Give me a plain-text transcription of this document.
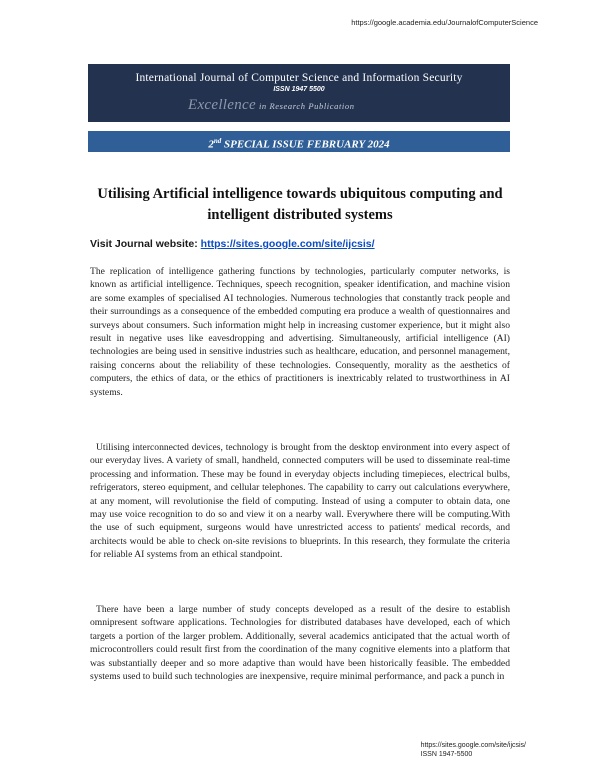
https://google.academia.edu/JournalofComputerScience
International Journal of Computer Science and Information Security
ISSN 1947 5500
Excellence in Research Publication
2nd SPECIAL ISSUE FEBRUARY 2024
Utilising Artificial intelligence towards ubiquitous computing and intelligent distributed systems
Visit Journal website: https://sites.google.com/site/ijcsis/
The replication of intelligence gathering functions by technologies, particularly computer networks, is known as artificial intelligence. Techniques, speech recognition, speaker identification, and machine vision are some examples of specialised AI technologies. Numerous technologies that constantly track people and their surroundings as a consequence of the embedded computing era produce a wealth of questionnaires and surveys about consumers. Such information might help in increasing customer experience, but it might also result in negative uses like eavesdropping and advertising. Simultaneously, artificial intelligence (AI) technologies are being used in sensitive industries such as healthcare, education, and personnel management, raising concerns about the reliability of these technologies. Consequently, morality as the aesthetics of computers, the ethics of data, or the ethics of practitioners is inextricably related to trustworthiness in AI systems.
Utilising interconnected devices, technology is brought from the desktop environment into every aspect of our everyday lives. A variety of small, handheld, connected computers will be used to disseminate real-time processing and information. These may be found in everyday objects including timepieces, electrical bulbs, refrigerators, stereo equipment, and cellular telephones. The capability to carry out calculations everywhere, at any moment, will revolutionise the field of computing. Instead of using a computer to obtain data, one may use voice recognition to do so and view it on a nearby wall. Everywhere there will be computing.With the use of such equipment, surgeons would have unrestricted access to patients' medical records, and architects would be able to check on-site revisions to blueprints. In this research, they formulate the criteria for reliable AI systems from an ethical standpoint.
There have been a large number of study concepts developed as a result of the desire to establish omnipresent software applications. Technologies for distributed databases have developed, each of which targets a portion of the larger problem. Additionally, several academics anticipated that the actual worth of microcontrollers could result first from the coordination of the many cognitive elements into a platform that was substantially deeper and so more adaptive than would have been historically feasible. The embedded systems used to build such technologies are inexpensive, require minimal performance, and pack a punch in
https://sites.google.com/site/ijcsis/
ISSN 1947-5500
